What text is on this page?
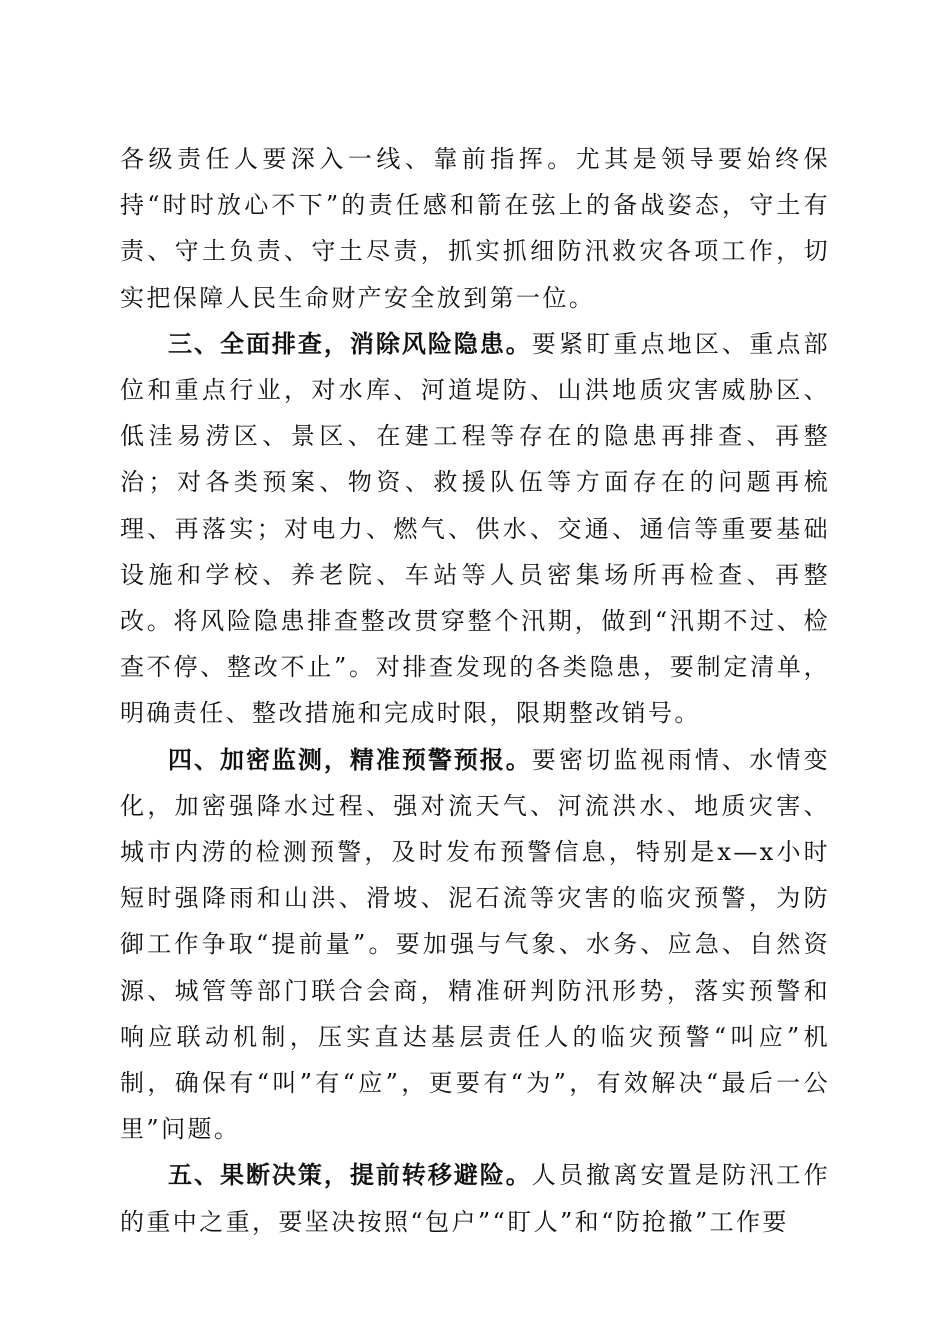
各级责任人要深入一线、靠前指挥。尤其是领导要始终保持“时时放心不下”的责任感和箭在弦上的备战姿态，守土有责、守土负责、守土尽责，抓实抓细防汛救灾各项工作，切实把保障人民生命财产安全放到第一位。

三、全面排查，消除风险隐患。要紧盯重点地区、重点部位和重点行业，对水库、河道堤防、山洪地质灾害威胁区、低洼易涝区、景区、在建工程等存在的隐患再排查、再整治；对各类预案、物资、救援队伍等方面存在的问题再梳理、再落实；对电力、燃气、供水、交通、通信等重要基础设施和学校、养老院、车站等人员密集场所再检查、再整改。将风险隐患排查整改贯穿整个汛期，做到“汛期不过、检查不停、整改不止”。对排查发现的各类隐患，要制定清单，明确责任、整改措施和完成时限，限期整改销号。

四、加密监测，精准预警预报。要密切监视雨情、水情变化，加密强降水过程、强对流天气、河流洪水、地质灾害、城市内涝的检测预警，及时发布预警信息，特别是x—x小时短时强降雨和山洪、滑坡、泥石流等灾害的临灾预警，为防御工作争取“提前量”。要加强与气象、水务、应急、自然资源、城管等部门联合会商，精准研判防汛形势，落实预警和响应联动机制，压实直达基层责任人的临灾预警“叫应”机制，确保有“叫”有“应”，更要有“为”，有效解决“最后一公里”问题。

五、果断决策，提前转移避险。人员撤离安置是防汛工作的重中之重，要坚决按照“包户”“盯人”和“防抢撤”工作要
